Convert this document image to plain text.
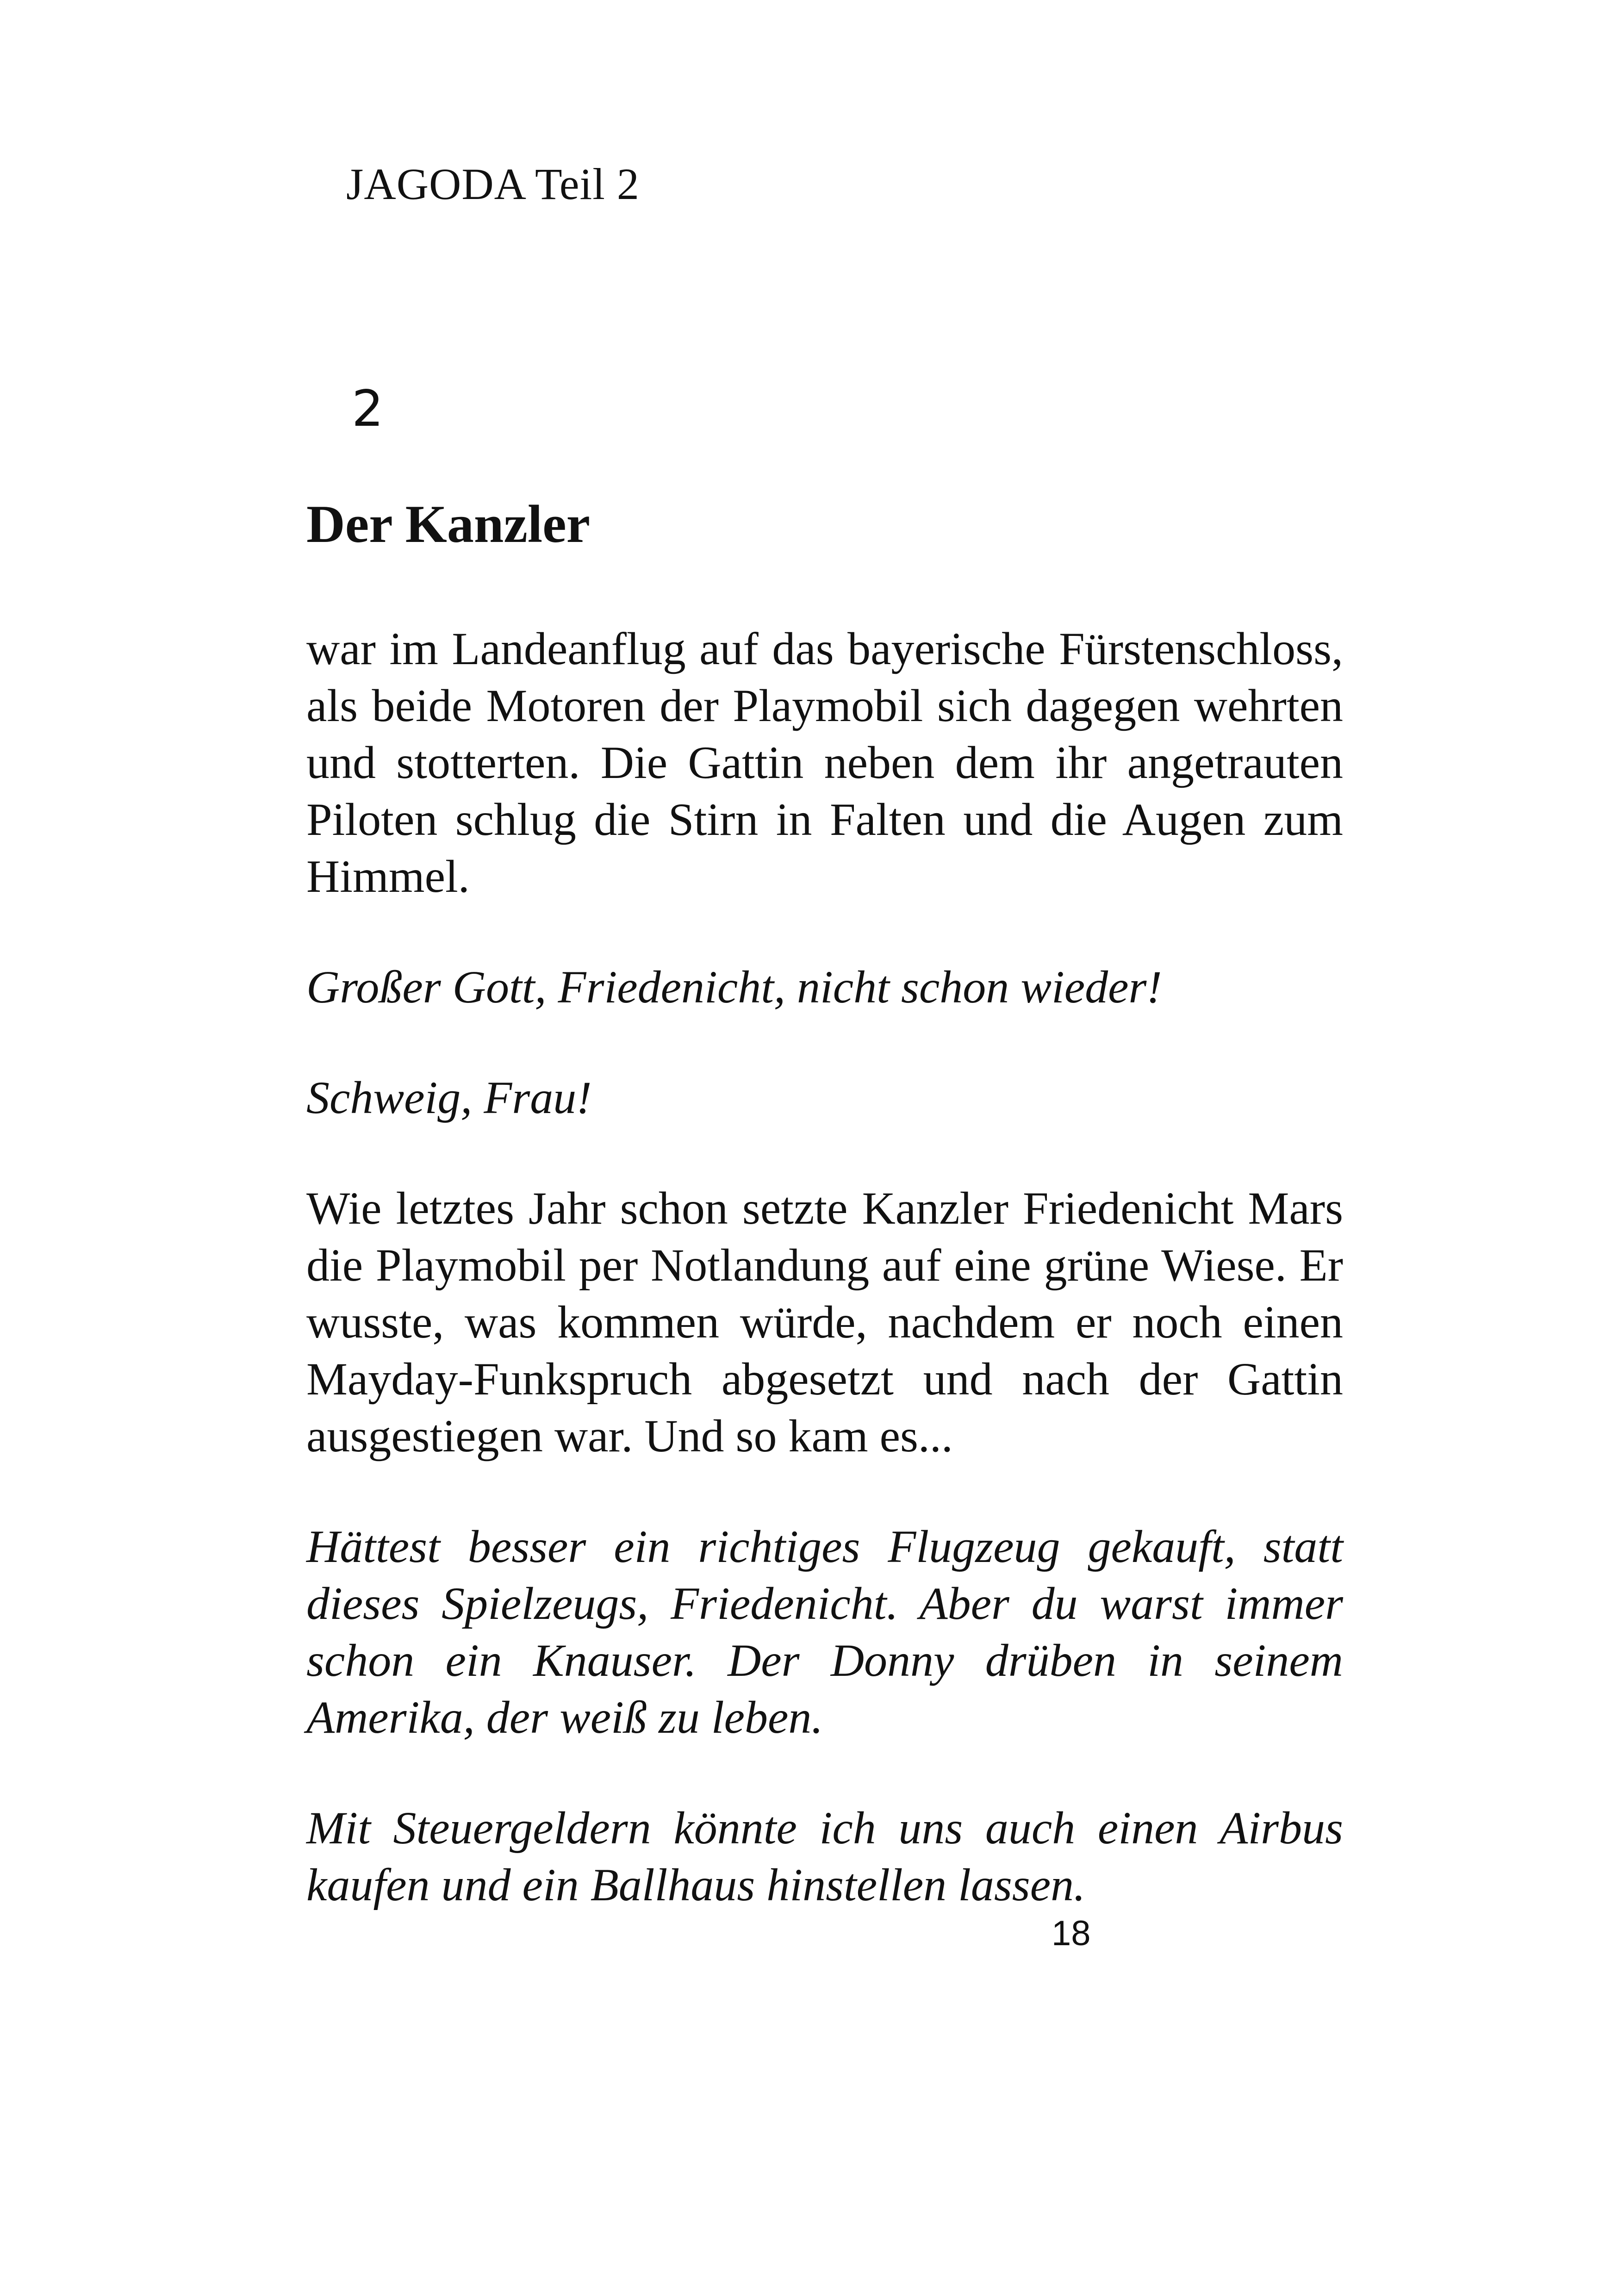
JAGODA Teil 2
2
Der Kanzler

war im Landeanflug auf das bayerische Fürstenschloss, als beide Motoren der Playmobil sich dagegen wehrten und stotterten. Die Gattin neben dem ihr angetrauten Piloten schlug die Stirn in Falten und die Augen zum Himmel.

Großer Gott, Friedenicht, nicht schon wieder!

Schweig, Frau!

Wie letztes Jahr schon setzte Kanzler Friedenicht Mars die Playmobil per Notlandung auf eine grüne Wiese. Er wusste, was kommen würde, nachdem er noch einen Mayday-Funkspruch abgesetzt und nach der Gattin ausgestiegen war. Und so kam es...

Hättest besser ein richtiges Flugzeug gekauft, statt dieses Spielzeugs, Friedenicht. Aber du warst immer schon ein Knauser. Der Donny drüben in seinem Amerika, der weiß zu leben.

Mit Steuergeldern könnte ich uns auch einen Airbus kaufen und ein Ballhaus hinstellen lassen.

18
